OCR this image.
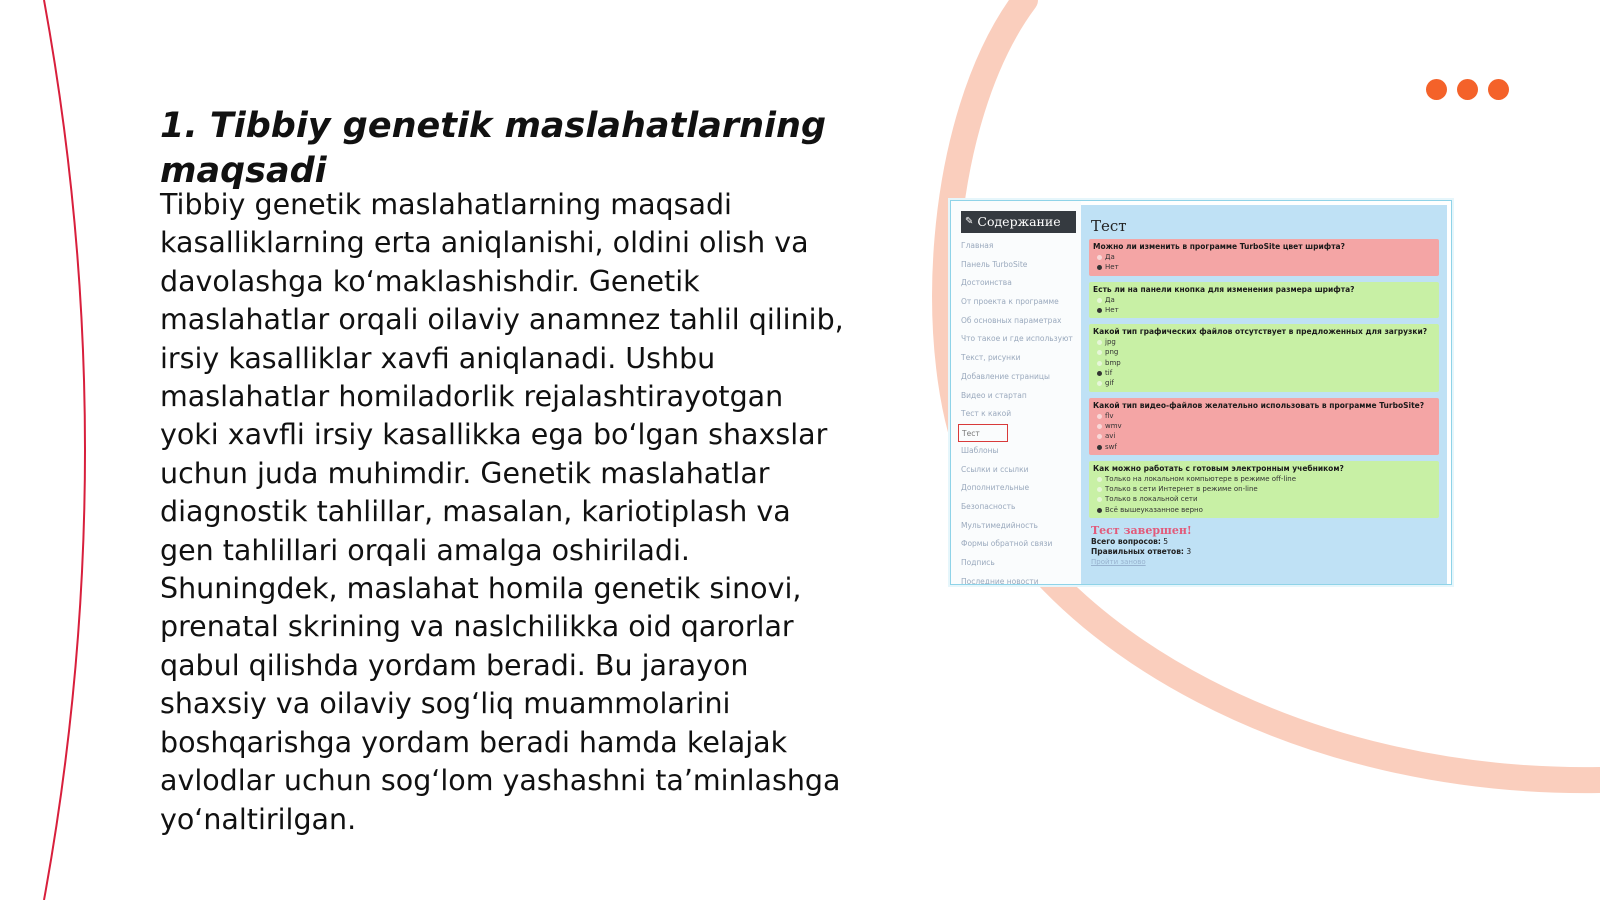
1. Tibbiy genetik maslahatlarning maqsadi

Tibbiy genetik maslahatlarning maqsadi kasalliklarning erta aniqlanishi, oldini olish va davolashga koʻmaklashishdir. Genetik maslahatlar orqali oilaviy anamnez tahlil qilinib, irsiy kasalliklar xavfi aniqlanadi. Ushbu maslahatlar homiladorlik rejalashtirayotgan yoki xavfli irsiy kasallikka ega boʻlgan shaxslar uchun juda muhimdir. Genetik maslahatlar diagnostik tahlillar, masalan, kariotiplash va gen tahlillari orqali amalga oshiriladi. Shuningdek, maslahat homila genetik sinovi, prenatal skrining va naslchilikka oid qarorlar qabul qilishda yordam beradi. Bu jarayon shaxsiy va oilaviy sogʻliq muammolarini boshqarishga yordam beradi hamda kelajak avlodlar uchun sogʻlom yashashni taʼminlashga yoʻnaltirilgan.

✎ Содержание
Главная
Панель TurboSite
Достоинства
От проекта к программе
Об основных параметрах
Что такое и где используют
Текст, рисунки
Добавление страницы
Видео и стартап
Тест к какой
Тест
Шаблоны
Ссылки и ссылки
Дополнительные
Безопасность
Мультимедийность
Формы обратной связи
Подпись
Последние новости
Тест
Можно ли изменить в программе TurboSite цвет шрифта?
Да
Нет
Есть ли на панели кнопка для изменения размера шрифта?
Да
Нет
Какой тип графических файлов отсутствует в предложенных для загрузки?
jpg
png
bmp
tif
gif
Какой тип видео-файлов желательно использовать в программе TurboSite?
flv
wmv
avi
swf
Как можно работать с готовым электронным учебником?
Только на локальном компьютере в режиме off-line
Только в сети Интернет в режиме on-line
Только в локальной сети
Всё вышеуказанное верно
Тест завершен!
Всего вопросов: 5
Правильных ответов: 3
Пройти заново
